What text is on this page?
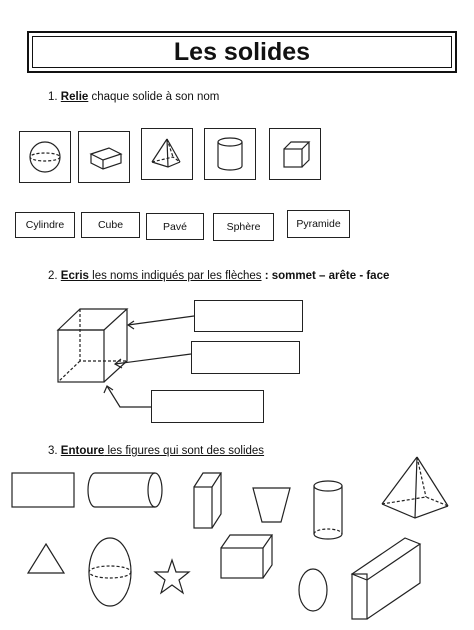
Les solides
1. Relie chaque solide à son nom
Cylindre	Cube	Pavé	Sphère	Pyramide
2. Ecris les noms indiqués par les flèches : sommet – arête - face
3. Entoure les figures qui sont des solides
